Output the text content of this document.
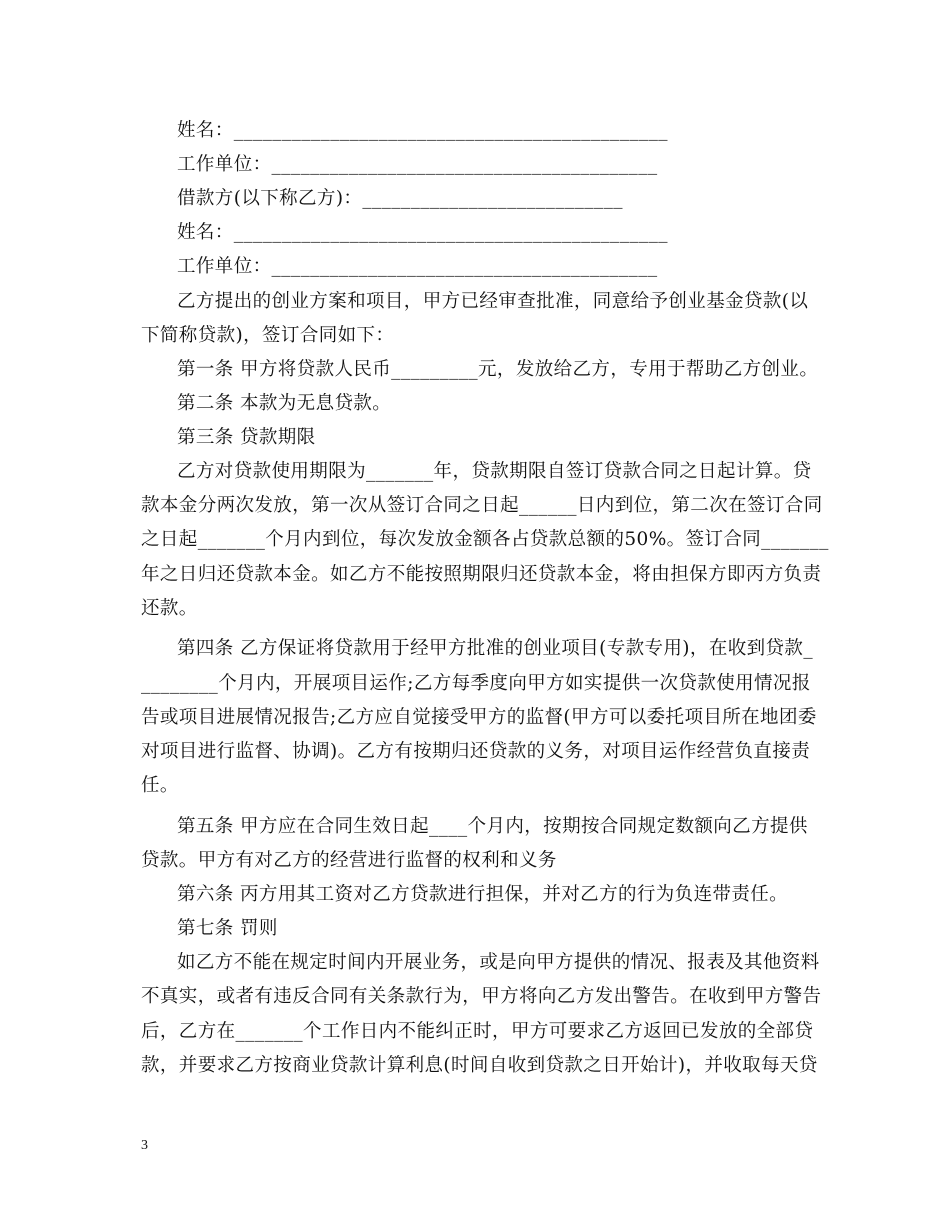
姓名：_____________________________________________
工作单位：________________________________________
借款方(以下称乙方)：___________________________
姓名：_____________________________________________
工作单位：________________________________________
乙方提出的创业方案和项目，甲方已经审查批准，同意给予创业基金贷款(以
下简称贷款)，签订合同如下：
第一条 甲方将贷款人民币_________元，发放给乙方，专用于帮助乙方创业。
第二条 本款为无息贷款。
第三条 贷款期限
乙方对贷款使用期限为_______年，贷款期限自签订贷款合同之日起计算。贷
款本金分两次发放，第一次从签订合同之日起______日内到位，第二次在签订合同
之日起_______个月内到位，每次发放金额各占贷款总额的50%。签订合同_______
年之日归还贷款本金。如乙方不能按照期限归还贷款本金，将由担保方即丙方负责
还款。
第四条 乙方保证将贷款用于经甲方批准的创业项目(专款专用)，在收到贷款_
________个月内，开展项目运作;乙方每季度向甲方如实提供一次贷款使用情况报
告或项目进展情况报告;乙方应自觉接受甲方的监督(甲方可以委托项目所在地团委
对项目进行监督、协调)。乙方有按期归还贷款的义务，对项目运作经营负直接责
任。
第五条 甲方应在合同生效日起____个月内，按期按合同规定数额向乙方提供
贷款。甲方有对乙方的经营进行监督的权利和义务
第六条 丙方用其工资对乙方贷款进行担保，并对乙方的行为负连带责任。
第七条 罚则
如乙方不能在规定时间内开展业务，或是向甲方提供的情况、报表及其他资料
不真实，或者有违反合同有关条款行为，甲方将向乙方发出警告。在收到甲方警告
后，乙方在_______个工作日内不能纠正时，甲方可要求乙方返回已发放的全部贷
款，并要求乙方按商业贷款计算利息(时间自收到贷款之日开始计)，并收取每天贷
3
